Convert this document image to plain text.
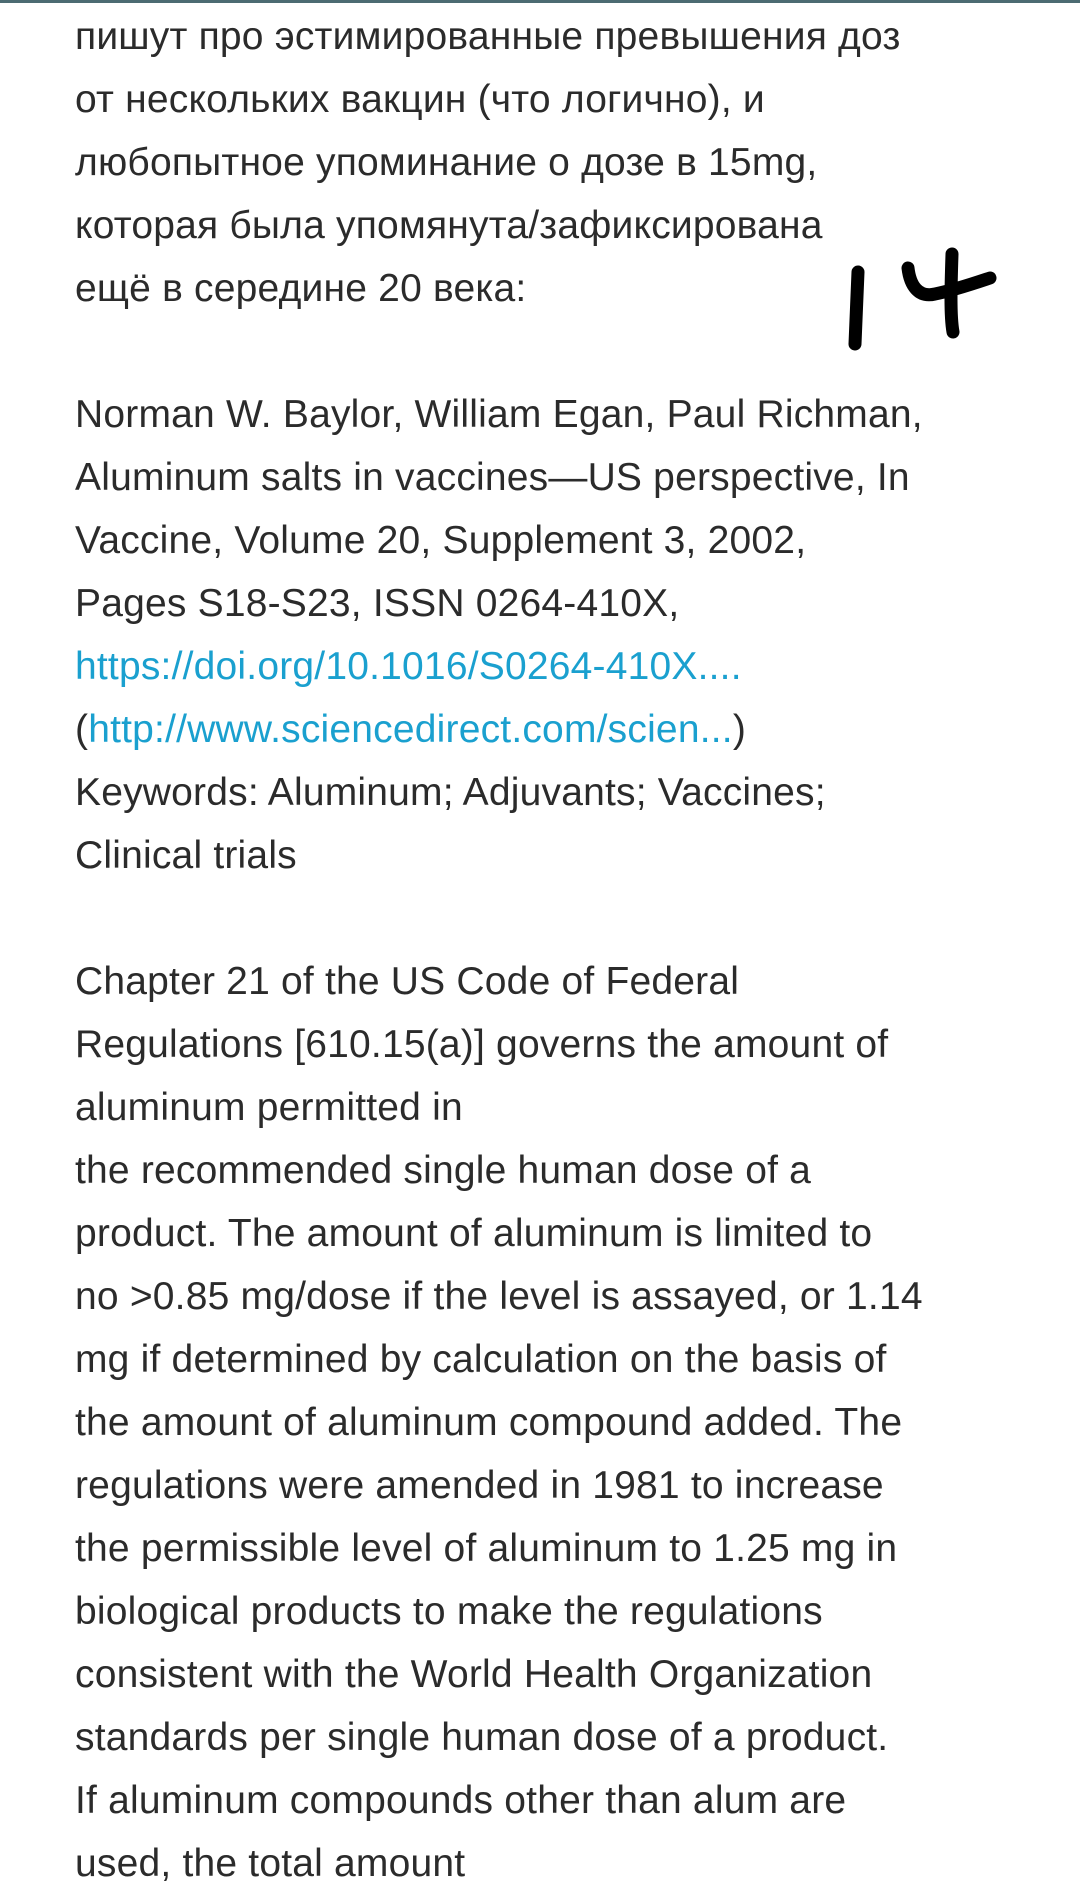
пишут про эстимированные превышения доз
от нескольких вакцин (что логично), и
любопытное упоминание о дозе в 15mg,
которая была упомянута/зафиксирована
ещё в середине 20 века:
Norman W. Baylor, William Egan, Paul Richman,
Aluminum salts in vaccines—US perspective, In
Vaccine, Volume 20, Supplement 3, 2002,
Pages S18-S23, ISSN 0264-410X,
https://doi.org/10.1016/S0264-410X....
(http://www.sciencedirect.com/scien...)
Keywords: Aluminum; Adjuvants; Vaccines;
Clinical trials
Chapter 21 of the US Code of Federal
Regulations [610.15(a)] governs the amount of
aluminum permitted in
the recommended single human dose of a
product. The amount of aluminum is limited to
no >0.85 mg/dose if the level is assayed, or 1.14
mg if determined by calculation on the basis of
the amount of aluminum compound added. The
regulations were amended in 1981 to increase
the permissible level of aluminum to 1.25 mg in
biological products to make the regulations
consistent with the World Health Organization
standards per single human dose of a product.
If aluminum compounds other than alum are
used, the total amount
